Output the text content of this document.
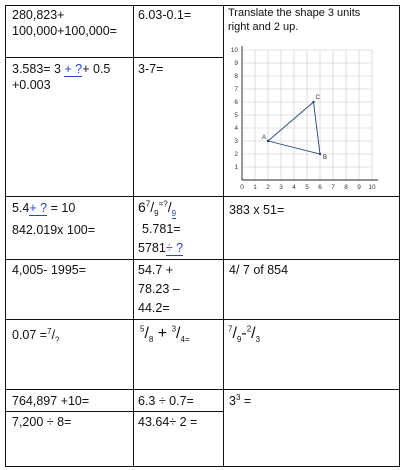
280,823+
100,000+100,000=
6.03-0.1=	Translate the shape 3 units
right and 2 up.
3.583= 3 + ?+ 0.5
+0.003
3-7=
0 1 2 3 4 5 6 7 8 9 10
1
2
3
4
5
6
7
8
9
10
A
B
C
5.4+ ? = 10
842.019x 100=
$6^7/_9^{=?}/_9$
5.781=
5781÷ ?
383 x 51=
4,005- 1995=	54.7 +
78.23 –
44.2=
4/ 7 of 854
$0.07 =^7/_?$
$^5/_8 + ^3/_{4=}$
$^7/_9-^2/_3$
764,897 +10=
7,200 ÷ 8=
6.3 ÷ 0.7=
43.64÷ 2 =
$3^3$ =
